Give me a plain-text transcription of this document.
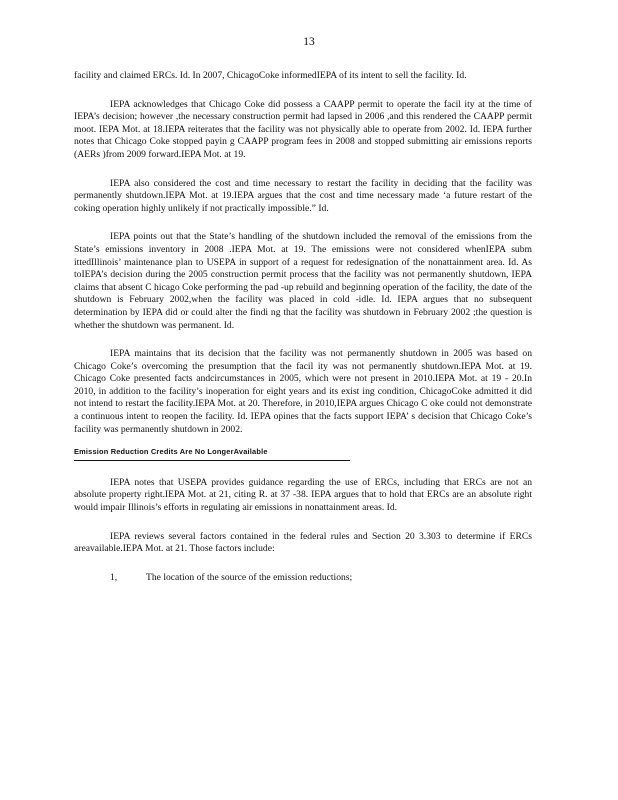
13

facility and claimed ERCs. Id. In 2007, ChicagoCoke informedIEPA of its intent to sell the facility. Id.

IEPA acknowledges that Chicago Coke did possess a CAAPP permit to operate the facil ity at the time of IEPA’s decision; however ,the necessary construction permit had lapsed in 2006 ,and this rendered the CAAPP permit moot. IEPA Mot. at 18.IEPA reiterates that the facility was not physically able to operate from 2002. Id. IEPA further notes that Chicago Coke stopped payin g CAAPP program fees in 2008 and stopped submitting air emissions reports (AERs )from 2009 forward.IEPA Mot. at 19.

IEPA also considered the cost and time necessary to restart the facility in deciding that the facility was permanently shutdown.IEPA Mot. at 19.IEPA argues that the cost and time necessary made ‘a future restart of the coking operation highly unlikely if not practically impossible.” Id.

IEPA points out that the State’s handling of the shutdown included the removal of the emissions from the State’s emissions inventory in 2008 .IEPA Mot. at 19. The emissions were not considered whenIEPA subm ittedIllinois’ maintenance plan to USEPA in support of a request for redesignation of the nonattainment area. Id. As toIEPA’s decision during the 2005 construction permit process that the facility was not permanently shutdown, IEPA claims that absent C hicago Coke performing the pad -up rebuild and beginning operation of the facility, the date of the shutdown is February 2002,when the facility was placed in cold -idle. Id. IEPA argues that no subsequent determination by IEPA did or could alter the findi ng that the facility was shutdown in February 2002 ;the question is whether the shutdown was permanent. Id.

IEPA maintains that its decision that the facility was not permanently shutdown in 2005 was based on Chicago Coke’s overcoming the presumption that the facil ity was not permanently shutdown.IEPA Mot. at 19. Chicago Coke presented facts andcircumstances in 2005, which were not present in 2010.IEPA Mot. at 19 - 20.In 2010, in addition to the facility’s inoperation for eight years and its exist ing condition, ChicagoCoke admitted it did not intend to restart the facility.IEPA Mot. at 20. Therefore, in 2010,IEPA argues Chicago C oke could not demonstrate a continuous intent to reopen the facility. Id. IEPA opines that the facts support IEPA’ s decision that Chicago Coke’s facility was permanently shutdown in 2002.

Emission Reduction Credits Are No LongerAvailable

IEPA notes that USEPA provides guidance regarding the use of ERCs, including that ERCs are not an absolute property right.IEPA Mot. at 21, citing R. at 37 -38. IEPA argues that to hold that ERCs are an absolute right would impair Illinois’s efforts in regulating air emissions in nonattainment areas. Id.

IEPA reviews several factors contained in the federal rules and Section 20 3.303 to determine if ERCs areavailable.IEPA Mot. at 21. Those factors include:

1,	The location of the source of the emission reductions;
